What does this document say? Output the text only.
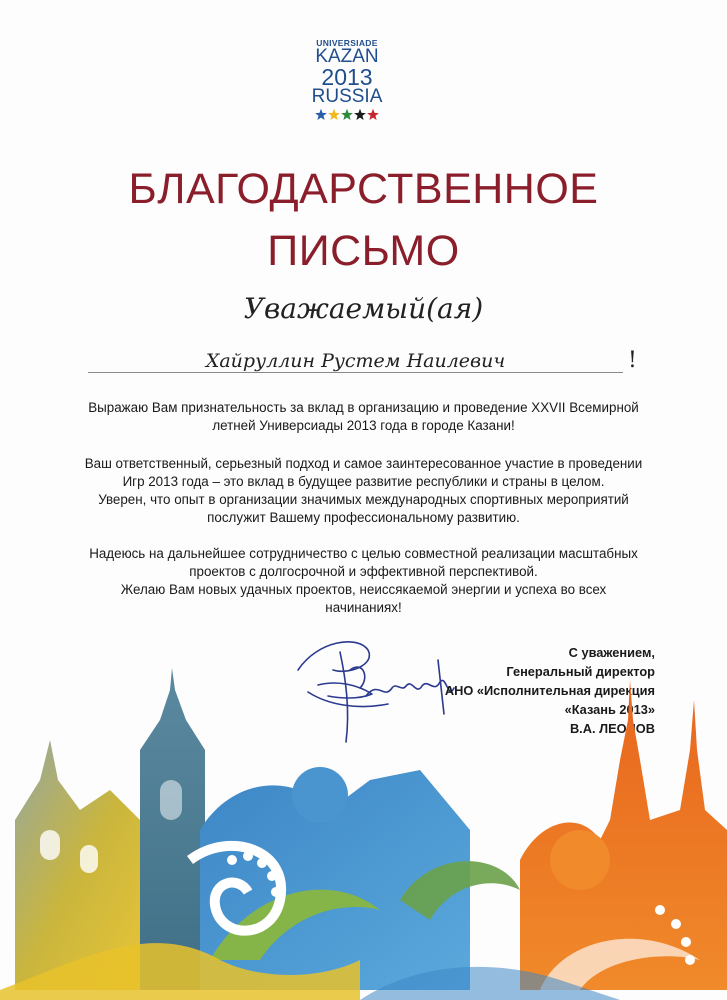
UNIVERSIADE
KAZAN
2013
RUSSIA
БЛАГОДАРСТВЕННОЕ
ПИСЬМО
Уважаемый(ая)
Хайруллин Рустем Наилевич	!
Выражаю Вам признательность за вклад в организацию и проведение XXVII Всемирной
летней Универсиады 2013 года в городе Казани!
Ваш ответственный, серьезный подход и самое заинтересованное участие в проведении
Игр 2013 года – это вклад в будущее развитие республики и страны в целом.
Уверен, что опыт в организации значимых международных спортивных мероприятий
послужит Вашему профессиональному развитию.
Надеюсь на дальнейшее сотрудничество с целью совместной реализации масштабных
проектов с долгосрочной и эффективной перспективой.
Желаю Вам новых удачных проектов, неиссякаемой энергии и успеха во всех
начинаниях!
С уважением,
Генеральный директор
АНО «Исполнительная дирекция
«Казань 2013»
В.А. ЛЕОНОВ
